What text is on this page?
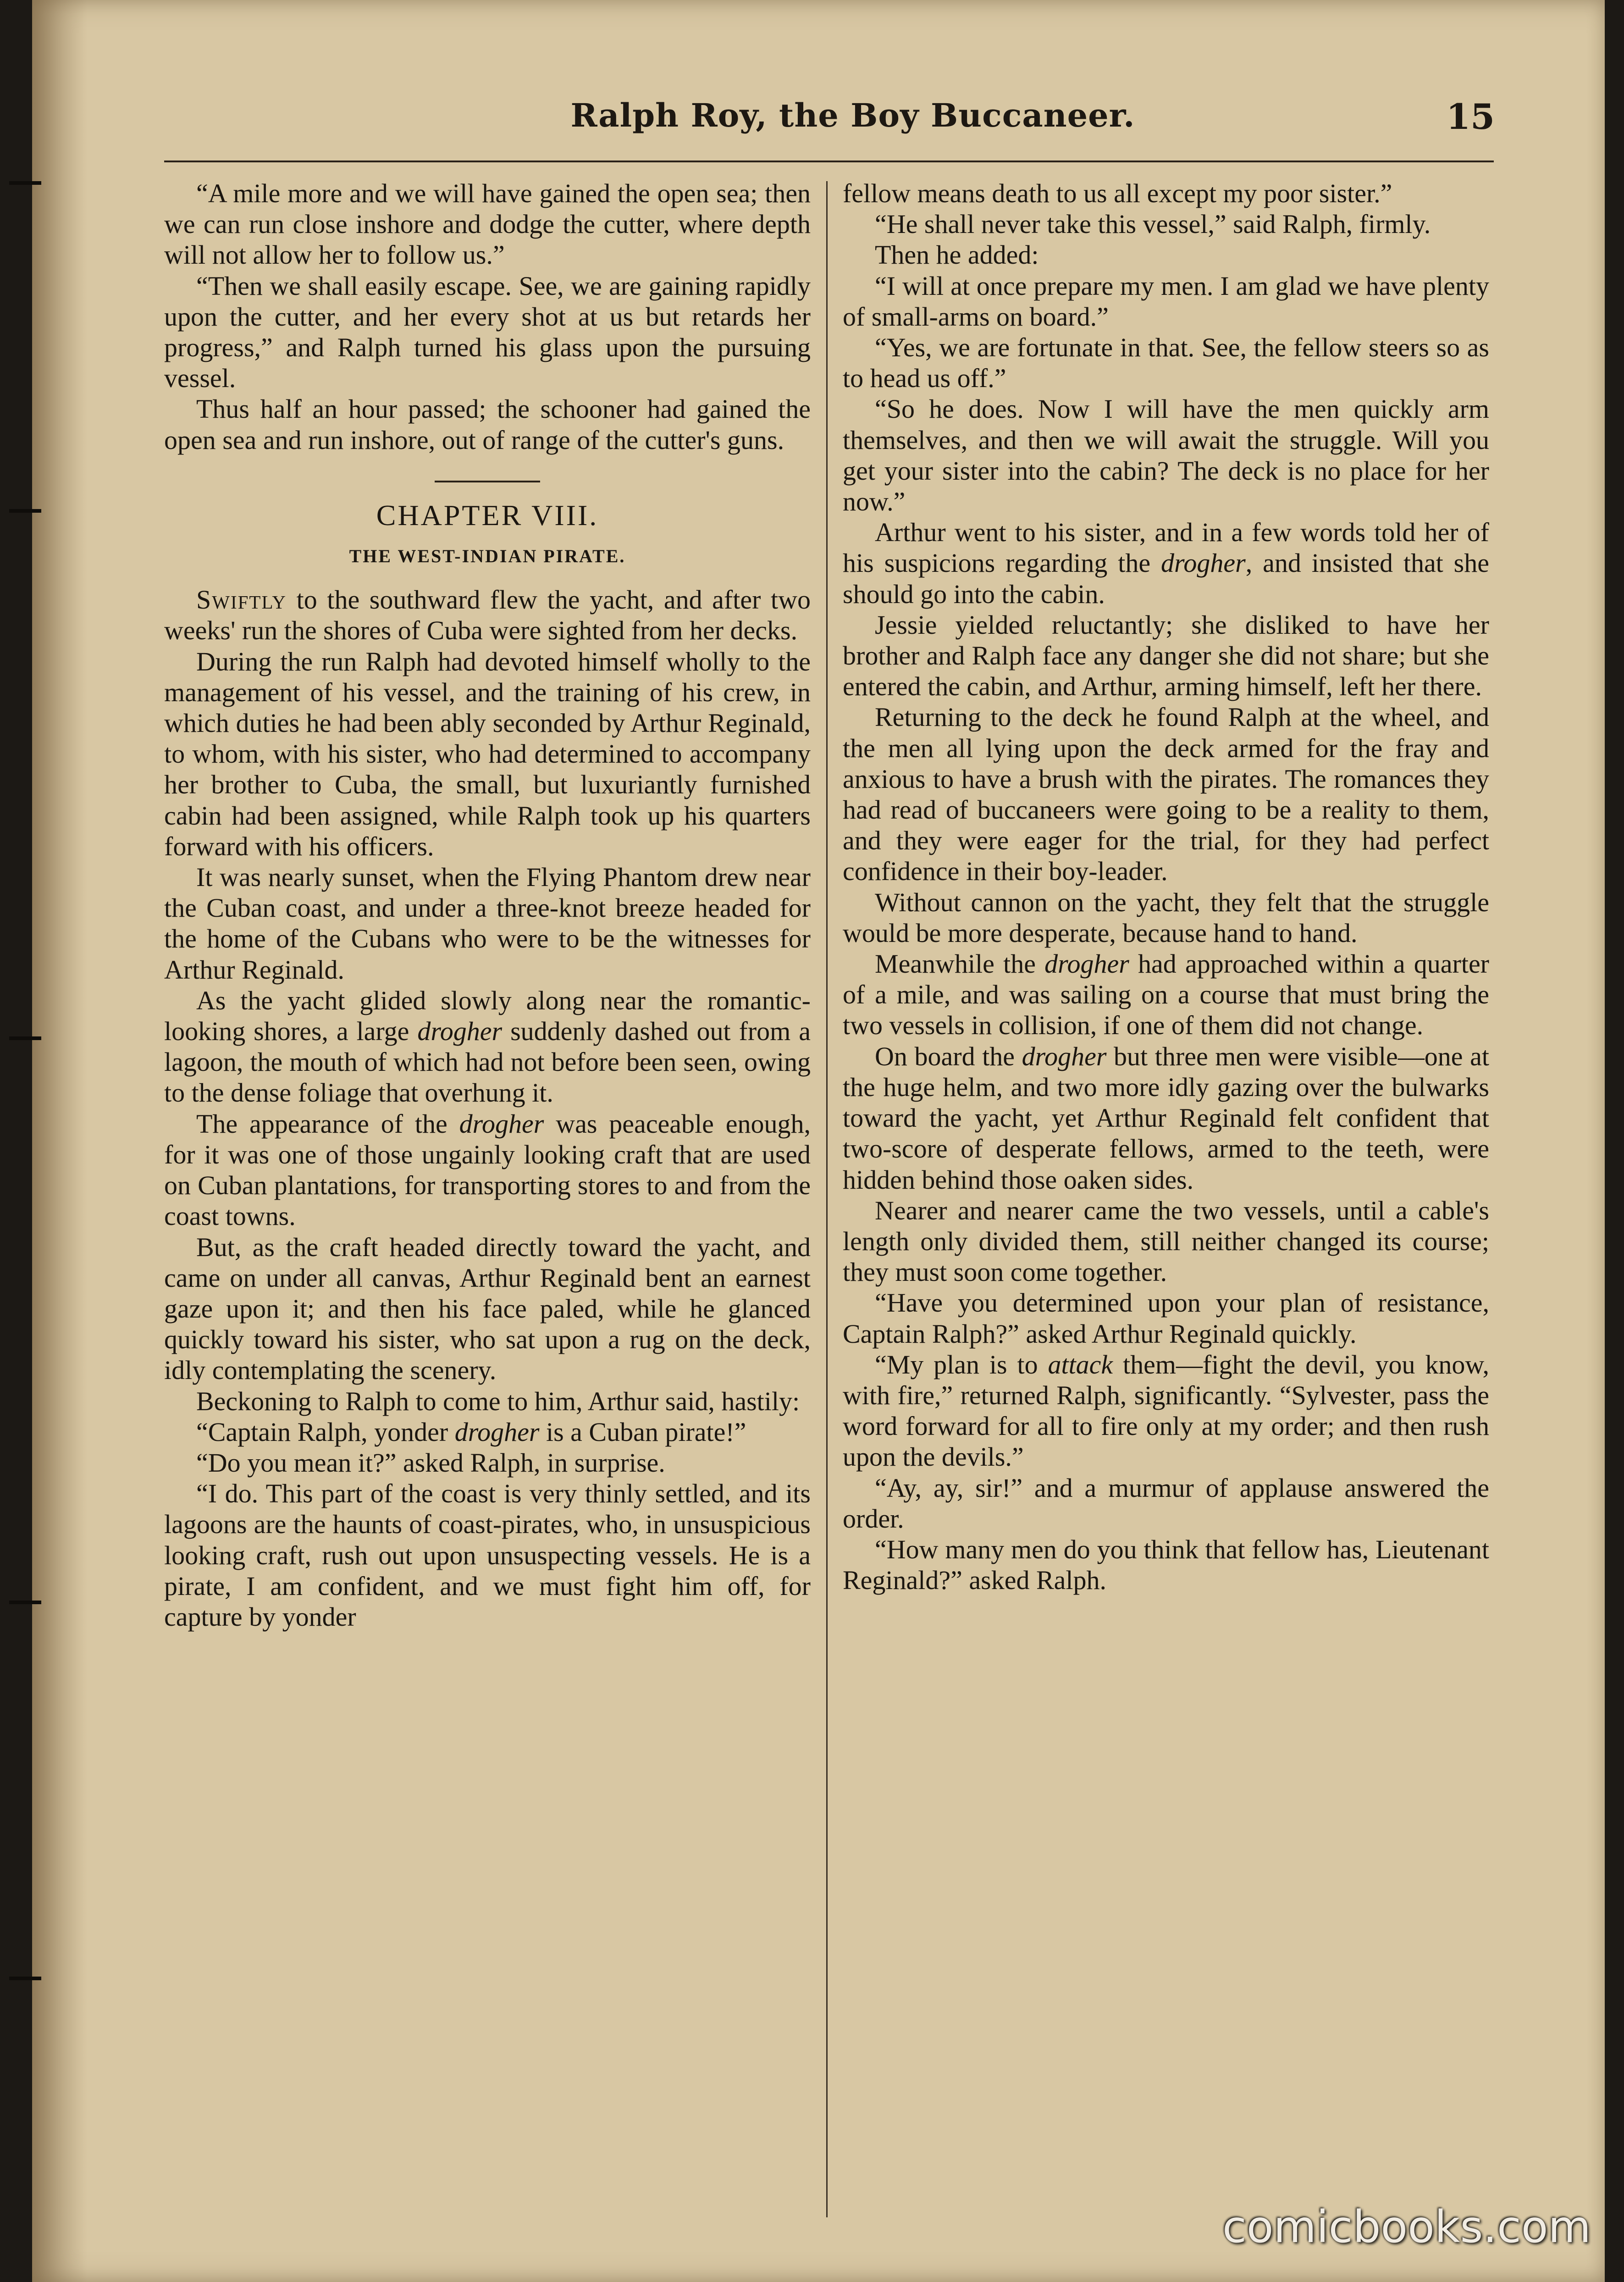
Ralph Roy, the Boy Buccaneer.	15

“A mile more and we will have gained the open sea; then we can run close inshore and dodge the cutter, where depth will not allow her to follow us.”

“Then we shall easily escape. See, we are gaining rapidly upon the cutter, and her every shot at us but retards her progress,” and Ralph turned his glass upon the pursuing vessel.

Thus half an hour passed; the schooner had gained the open sea and run inshore, out of range of the cutter's guns.

CHAPTER VIII.
THE WEST-INDIAN PIRATE.

Swiftly to the southward flew the yacht, and after two weeks' run the shores of Cuba were sighted from her decks.

During the run Ralph had devoted himself wholly to the management of his vessel, and the training of his crew, in which duties he had been ably seconded by Arthur Reginald, to whom, with his sister, who had determined to accompany her brother to Cuba, the small, but luxuriantly furnished cabin had been assigned, while Ralph took up his quarters forward with his officers.

It was nearly sunset, when the Flying Phantom drew near the Cuban coast, and under a three-knot breeze headed for the home of the Cubans who were to be the witnesses for Arthur Reginald.

As the yacht glided slowly along near the romantic-looking shores, a large drogher suddenly dashed out from a lagoon, the mouth of which had not before been seen, owing to the dense foliage that overhung it.

The appearance of the drogher was peaceable enough, for it was one of those ungainly looking craft that are used on Cuban plantations, for transporting stores to and from the coast towns.

But, as the craft headed directly toward the yacht, and came on under all canvas, Arthur Reginald bent an earnest gaze upon it; and then his face paled, while he glanced quickly toward his sister, who sat upon a rug on the deck, idly contemplating the scenery.

Beckoning to Ralph to come to him, Arthur said, hastily:

“Captain Ralph, yonder drogher is a Cuban pirate!”

“Do you mean it?” asked Ralph, in surprise.

“I do. This part of the coast is very thinly settled, and its lagoons are the haunts of coast-pirates, who, in unsuspicious looking craft, rush out upon unsuspecting vessels. He is a pirate, I am confident, and we must fight him off, for capture by yonder

fellow means death to us all except my poor sister.”

“He shall never take this vessel,” said Ralph, firmly.

Then he added:

“I will at once prepare my men. I am glad we have plenty of small-arms on board.”

“Yes, we are fortunate in that. See, the fellow steers so as to head us off.”

“So he does. Now I will have the men quickly arm themselves, and then we will await the struggle. Will you get your sister into the cabin? The deck is no place for her now.”

Arthur went to his sister, and in a few words told her of his suspicions regarding the drogher, and insisted that she should go into the cabin.

Jessie yielded reluctantly; she disliked to have her brother and Ralph face any danger she did not share; but she entered the cabin, and Arthur, arming himself, left her there.

Returning to the deck he found Ralph at the wheel, and the men all lying upon the deck armed for the fray and anxious to have a brush with the pirates. The romances they had read of buccaneers were going to be a reality to them, and they were eager for the trial, for they had perfect confidence in their boy-leader.

Without cannon on the yacht, they felt that the struggle would be more desperate, because hand to hand.

Meanwhile the drogher had approached within a quarter of a mile, and was sailing on a course that must bring the two vessels in collision, if one of them did not change.

On board the drogher but three men were visible—one at the huge helm, and two more idly gazing over the bulwarks toward the yacht, yet Arthur Reginald felt confident that two-score of desperate fellows, armed to the teeth, were hidden behind those oaken sides.

Nearer and nearer came the two vessels, until a cable's length only divided them, still neither changed its course; they must soon come together.

“Have you determined upon your plan of resistance, Captain Ralph?” asked Arthur Reginald quickly.

“My plan is to attack them—fight the devil, you know, with fire,” returned Ralph, significantly. “Sylvester, pass the word forward for all to fire only at my order; and then rush upon the devils.”

“Ay, ay, sir!” and a murmur of applause answered the order.

“How many men do you think that fellow has, Lieutenant Reginald?” asked Ralph.

comicbooks.com
